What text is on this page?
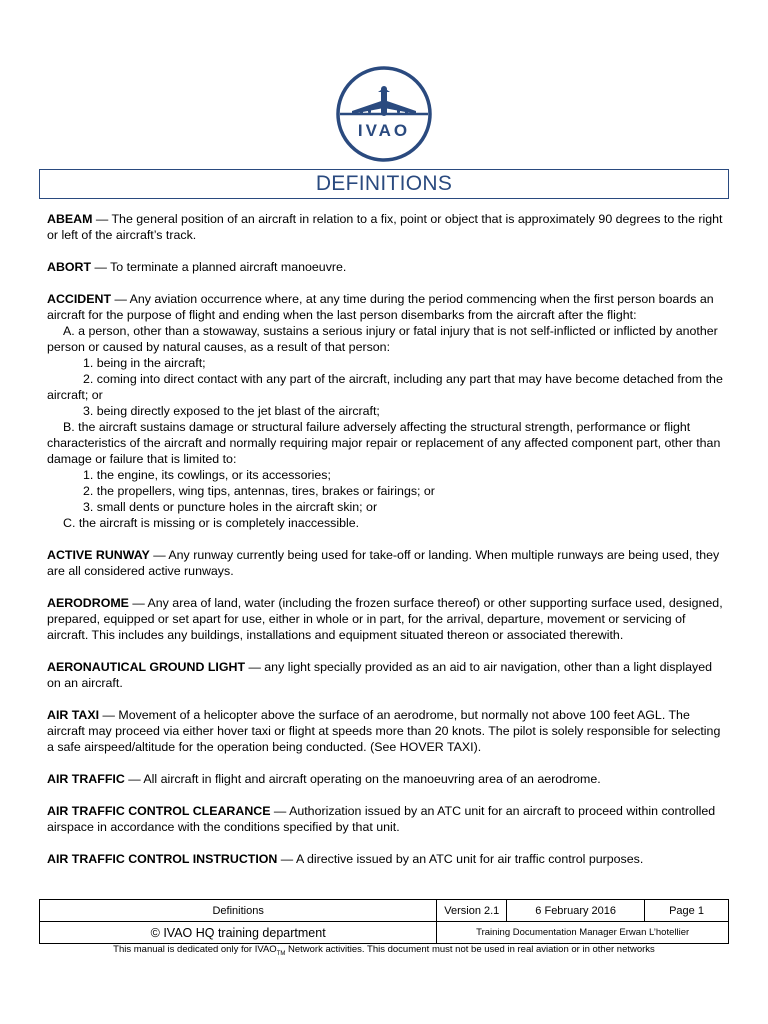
IVAO
DEFINITIONS

ABEAM — The general position of an aircraft in relation to a fix, point or object that is approximately 90 degrees to the right or left of the aircraft’s track.

ABORT — To terminate a planned aircraft manoeuvre.

ACCIDENT — Any aviation occurrence where, at any time during the period commencing when the first person boards an aircraft for the purpose of flight and ending when the last person disembarks from the aircraft after the flight:

A. a person, other than a stowaway, sustains a serious injury or fatal injury that is not self-inflicted or inflicted by another person or caused by natural causes, as a result of that person:

1. being in the aircraft;

2. coming into direct contact with any part of the aircraft, including any part that may have become detached from the aircraft; or

3. being directly exposed to the jet blast of the aircraft;

B. the aircraft sustains damage or structural failure adversely affecting the structural strength, performance or flight characteristics of the aircraft and normally requiring major repair or replacement of any affected component part, other than damage or failure that is limited to:

1. the engine, its cowlings, or its accessories;

2. the propellers, wing tips, antennas, tires, brakes or fairings; or

3. small dents or puncture holes in the aircraft skin; or

C. the aircraft is missing or is completely inaccessible.

ACTIVE RUNWAY — Any runway currently being used for take-off or landing. When multiple runways are being used, they are all considered active runways.

AERODROME — Any area of land, water (including the frozen surface thereof) or other supporting surface used, designed, prepared, equipped or set apart for use, either in whole or in part, for the arrival, departure, movement or servicing of aircraft. This includes any buildings, installations and equipment situated thereon or associated therewith.

AERONAUTICAL GROUND LIGHT — any light specially provided as an aid to air navigation, other than a light displayed on an aircraft.

AIR TAXI — Movement of a helicopter above the surface of an aerodrome, but normally not above 100 feet AGL. The aircraft may proceed via either hover taxi or flight at speeds more than 20 knots. The pilot is solely responsible for selecting a safe airspeed/altitude for the operation being conducted. (See HOVER TAXI).

AIR TRAFFIC — All aircraft in flight and aircraft operating on the manoeuvring area of an aerodrome.

AIR TRAFFIC CONTROL CLEARANCE — Authorization issued by an ATC unit for an aircraft to proceed within controlled airspace in accordance with the conditions specified by that unit.

AIR TRAFFIC CONTROL INSTRUCTION — A directive issued by an ATC unit for air traffic control purposes.

Definitions	Version 2.1	6 February 2016	Page 1
© IVAO HQ training department	Training Documentation Manager Erwan L’hotellier		
This manual is dedicated only for $IVAO_{TM}$ Network activities. This document must not be used in real aviation or in other networks
